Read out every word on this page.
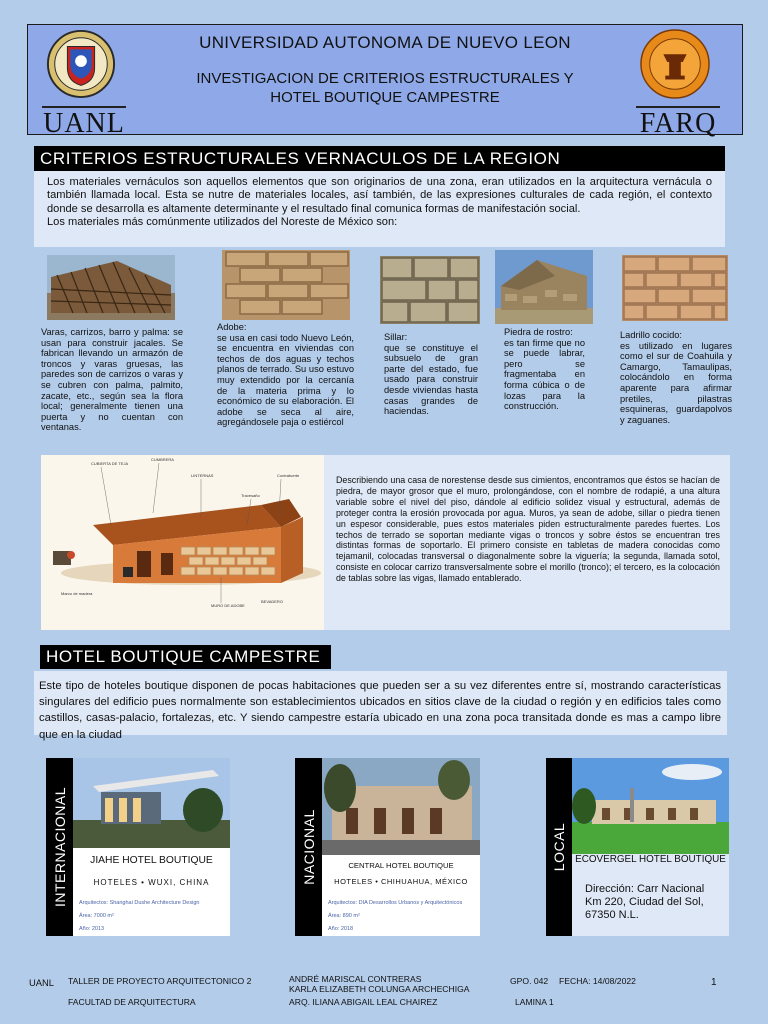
UANL
UNIVERSIDAD AUTONOMA DE NUEVO LEON
INVESTIGACION DE CRITERIOS ESTRUCTURALES Y
HOTEL BOUTIQUE CAMPESTRE
FARQ
CRITERIOS ESTRUCTURALES VERNACULOS DE LA REGION

Los materiales vernáculos son aquellos elementos que son originarios de una zona, eran utilizados en la arquitectura vernácula o también llamada local. Esta se nutre de materiales locales, así también, de las expresiones culturales de cada región, el contexto donde se desarrolla es altamente determinante y el resultado final comunica formas de manifestación social.

Los materiales más comúnmente utilizados del Noreste de México son:

Varas, carrizos, barro y palma: se usan para construir jacales. Se fabrican llevando un armazón de troncos y varas gruesas, las paredes son de carrizos o varas y se cubren con palma, palmito, zacate, etc., según sea la flora local; generalmente tienen una puerta y no cuentan con ventanas.
Adobe:
se usa en casi todo Nuevo León, se encuentra en viviendas con techos de dos aguas y techos planos de terrado. Su uso estuvo muy extendido por la cercanía de la materia prima y lo económico de su elaboración. El adobe se seca al aire, agregándosele paja o estiércol
Sillar:
que se constituye el subsuelo de gran parte del estado, fue usado para construir desde viviendas hasta casas grandes de haciendas.
Piedra de rostro:
es tan firme que no se puede labrar, pero se fragmentaba en forma cúbica o de lozas para la construcción.
Ladrillo cocido:
es utilizado en lugares como el sur de Coahuila y Camargo, Tamaulipas, colocándolo en forma aparente para afirmar pretiles, pilastras esquineras, guardapolvos y zaguanes.
CUBIERTA DE TEJA
CUMBRERA
LINTERNAS	Contrafuerte
Travesaño
Marco de madera
MURO DE ADOBE
BEVADERO

Describiendo una casa de norestense desde sus cimientos, encontramos que éstos se hacían de piedra, de mayor grosor que el muro, prolongándose, con el nombre de rodapié, a una altura variable sobre el nivel del piso, dándole al edificio solidez visual y estructural, además de proteger contra la erosión provocada por agua. Muros, ya sean de adobe, sillar o piedra tienen un espesor considerable, pues estos materiales piden estructuralmente paredes fuertes. Los techos de terrado se soportan mediante vigas o troncos y sobre éstos se encuentran tres distintas formas de soportarlo. El primero consiste en tabletas de madera conocidas como tejamanil, colocadas transversal o diagonalmente sobre la viguería; la segunda, llamada sotol, consiste en colocar carrizo transversalmente sobre el morillo (tronco); el tercero, es la colocación de tablas sobre las vigas, llamado entablerado.

HOTEL BOUTIQUE CAMPESTRE

Este tipo de hoteles boutique disponen de pocas habitaciones que pueden ser a su vez diferentes entre sí, mostrando características singulares del edificio pues normalmente son establecimientos ubicados en sitios clave de la ciudad o región y en edificios tales como castillos, casas-palacio, fortalezas, etc. Y siendo campestre estaría ubicado en una zona poca transitada donde es mas a campo libre que en la ciudad

INTERNACIONAL	JIAHE HOTEL BOUTIQUE
HOTELES • WUXI, CHINA
Arquitectos: Shanghai Dushe Architecture Design
Área: 7000 m²
Año: 2013
NACIONAL	CENTRAL HOTEL BOUTIQUE
HOTELES • CHIHUAHUA, MÉXICO
Arquitectos: DIA Desarrollos Urbanos y Arquitectónicos
Área: 890 m²
Año: 2018
LOCAL ECOVERGEL HOTEL BOUTIQUE
Dirección: Carr Nacional Km 220, Ciudad del Sol, 67350 N.L.
UANL TALLER DE PROYECTO ARQUITECTONICO 2	ANDRÉ MARISCAL CONTRERAS
KARLA ELIZABETH COLUNGA ARCHECHIGA
GPO. 042 FECHA: 14/08/2022	1
FACULTAD DE ARQUITECTURA	ARQ. ILIANA ABIGAIL LEAL CHAIREZ	LAMINA 1
